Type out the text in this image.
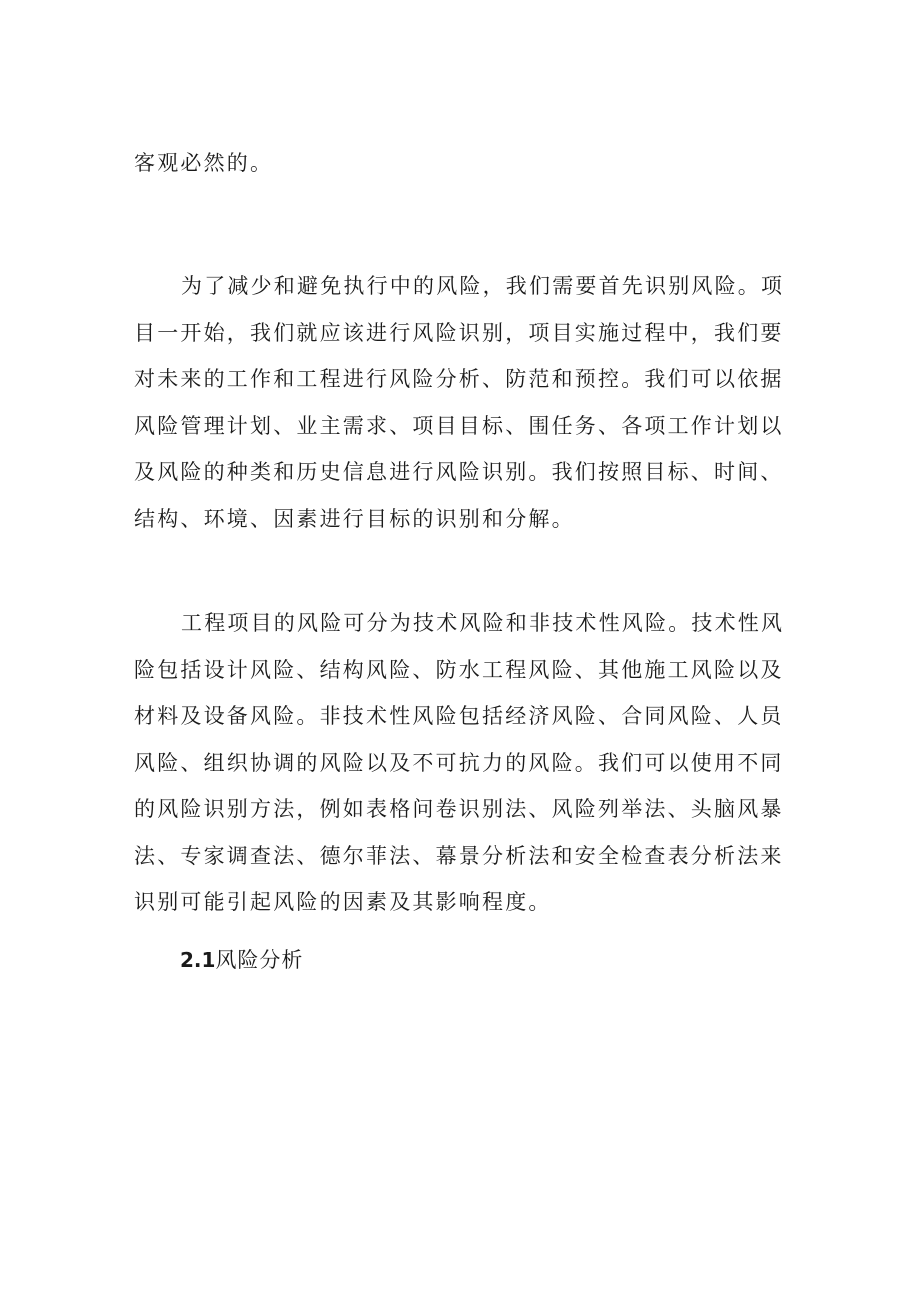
客观必然的。

为了减少和避免执行中的风险，我们需要首先识别风险。项目一开始，我们就应该进行风险识别，项目实施过程中，我们要对未来的工作和工程进行风险分析、防范和预控。我们可以依据风险管理计划、业主需求、项目目标、围任务、各项工作计划以及风险的种类和历史信息进行风险识别。我们按照目标、时间、结构、环境、因素进行目标的识别和分解。

工程项目的风险可分为技术风险和非技术性风险。技术性风险包括设计风险、结构风险、防水工程风险、其他施工风险以及材料及设备风险。非技术性风险包括经济风险、合同风险、人员风险、组织协调的风险以及不可抗力的风险。我们可以使用不同的风险识别方法，例如表格问卷识别法、风险列举法、头脑风暴法、专家调查法、德尔菲法、幕景分析法和安全检查表分析法来识别可能引起风险的因素及其影响程度。

2.1风险分析
